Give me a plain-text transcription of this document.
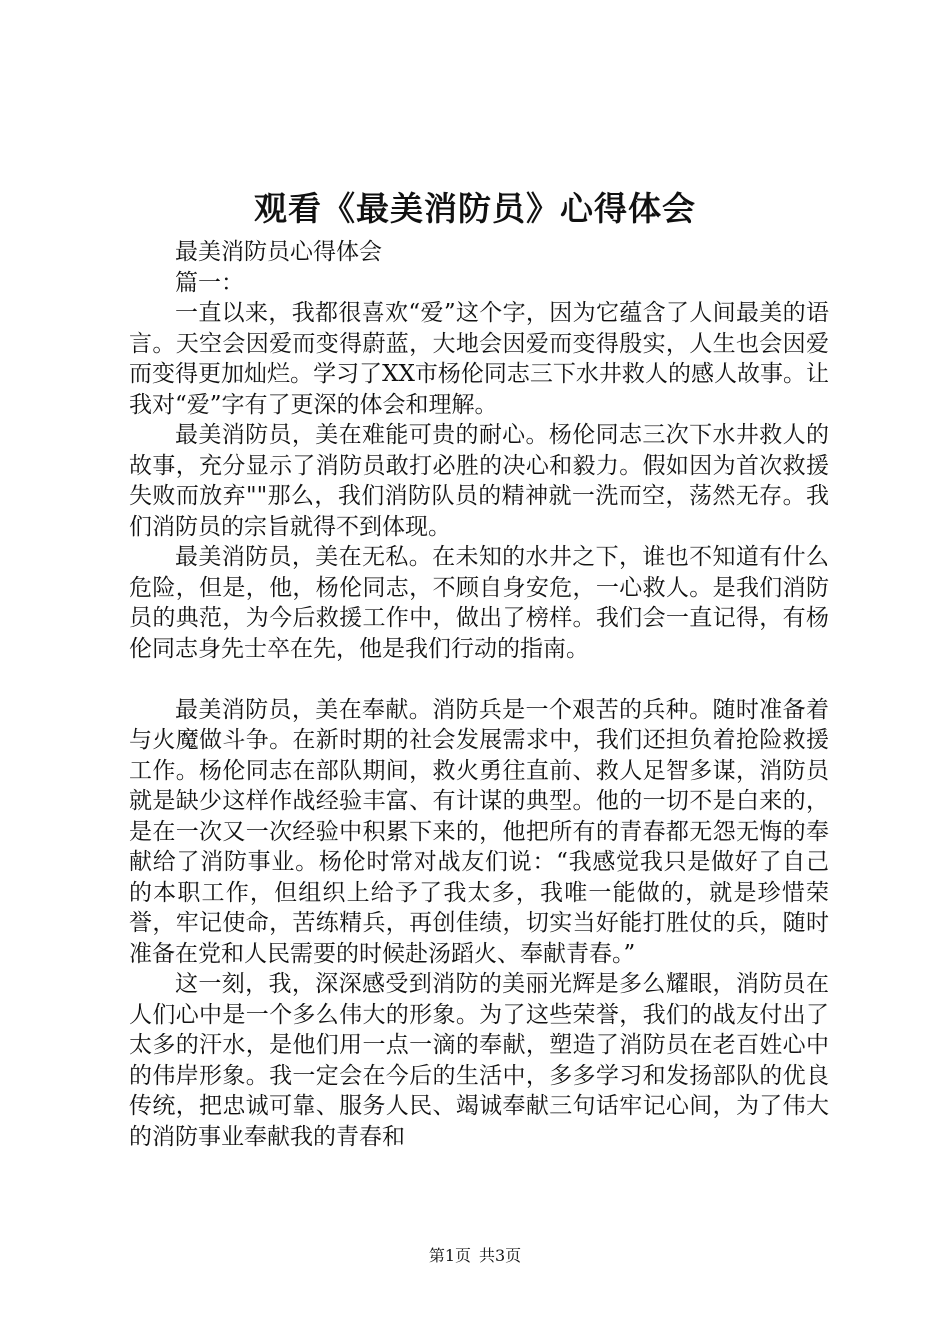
观看《最美消防员》心得体会

最美消防员心得体会

篇一：

一直以来，我都很喜欢“爱”这个字，因为它蕴含了人间最美的语言。天空会因爱而变得蔚蓝，大地会因爱而变得殷实，人生也会因爱而变得更加灿烂。学习了XX市杨伦同志三下水井救人的感人故事。让我对“爱”字有了更深的体会和理解。

最美消防员，美在难能可贵的耐心。杨伦同志三次下水井救人的故事，充分显示了消防员敢打必胜的决心和毅力。假如因为首次救援失败而放弃""那么，我们消防队员的精神就一洗而空，荡然无存。我们消防员的宗旨就得不到体现。

最美消防员，美在无私。在未知的水井之下，谁也不知道有什么危险，但是，他，杨伦同志，不顾自身安危，一心救人。是我们消防员的典范，为今后救援工作中，做出了榜样。我们会一直记得，有杨伦同志身先士卒在先，他是我们行动的指南。

最美消防员，美在奉献。消防兵是一个艰苦的兵种。随时准备着与火魔做斗争。在新时期的社会发展需求中，我们还担负着抢险救援工作。杨伦同志在部队期间，救火勇往直前、救人足智多谋，消防员就是缺少这样作战经验丰富、有计谋的典型。他的一切不是白来的，是在一次又一次经验中积累下来的，他把所有的青春都无怨无悔的奉献给了消防事业。杨伦时常对战友们说：“我感觉我只是做好了自己的本职工作，但组织上给予了我太多，我唯一能做的，就是珍惜荣誉，牢记使命，苦练精兵，再创佳绩，切实当好能打胜仗的兵，随时准备在党和人民需要的时候赴汤蹈火、奉献青春。”

这一刻，我，深深感受到消防的美丽光辉是多么耀眼，消防员在人们心中是一个多么伟大的形象。为了这些荣誉，我们的战友付出了太多的汗水，是他们用一点一滴的奉献，塑造了消防员在老百姓心中的伟岸形象。我一定会在今后的生活中，多多学习和发扬部队的优良传统，把忠诚可靠、服务人民、竭诚奉献三句话牢记心间，为了伟大的消防事业奉献我的青春和

第1页 共3页
